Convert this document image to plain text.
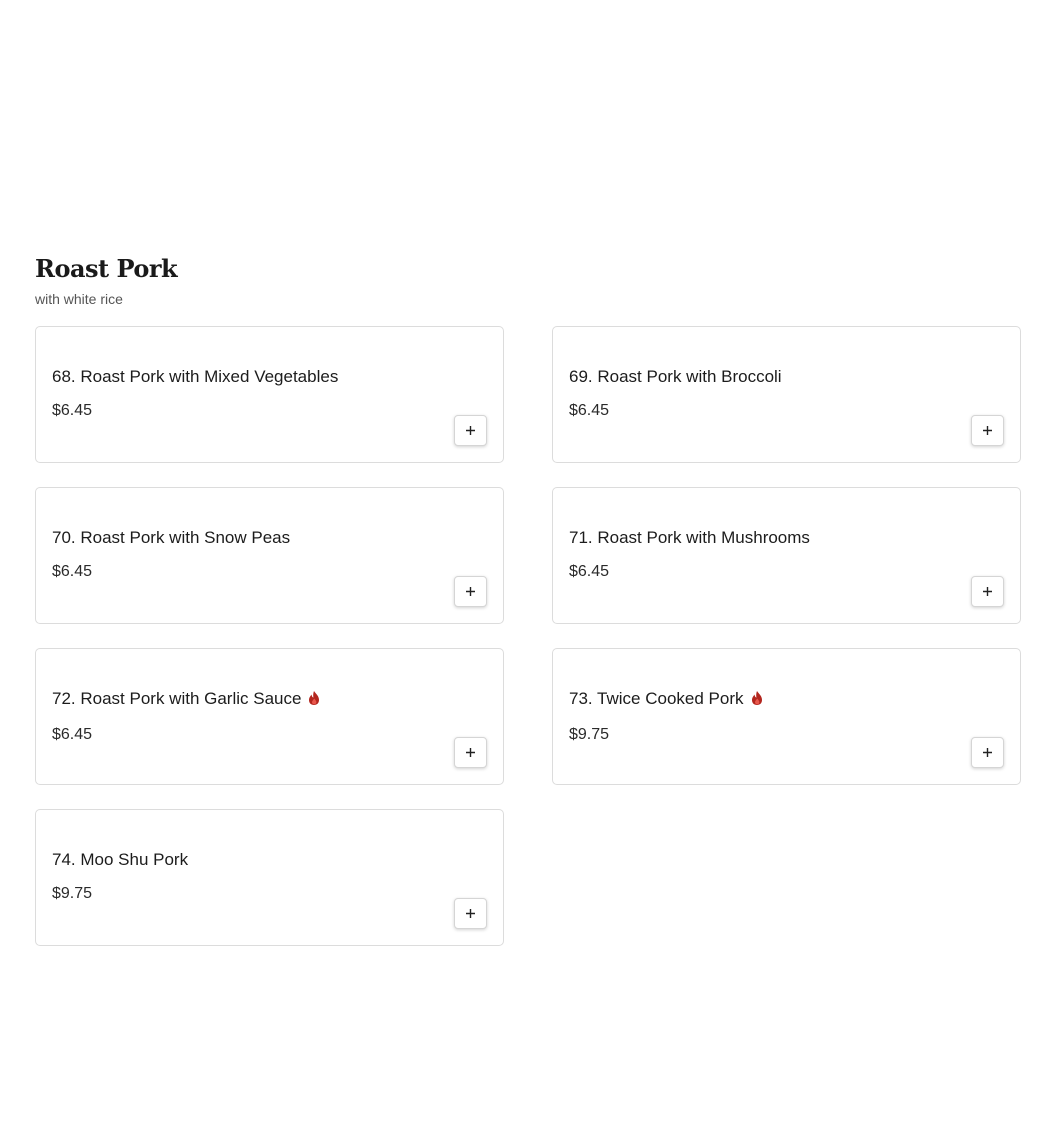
Roast Pork
with white rice
68. Roast Pork with Mixed Vegetables
$6.45
69. Roast Pork with Broccoli
$6.45
70. Roast Pork with Snow Peas
$6.45
71. Roast Pork with Mushrooms
$6.45
72. Roast Pork with Garlic Sauce
$6.45
73. Twice Cooked Pork
$9.75
74. Moo Shu Pork
$9.75
